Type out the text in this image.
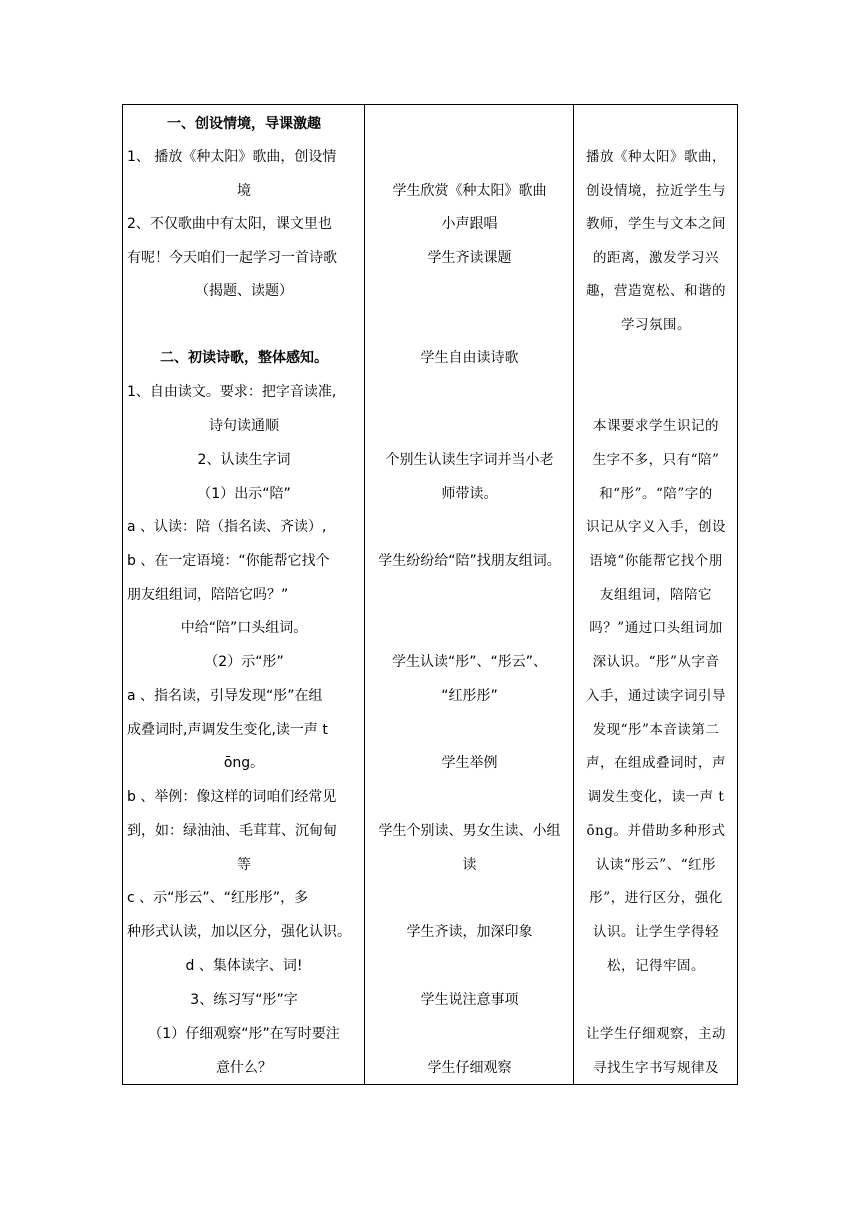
一、创设情境，导课激趣
1、 播放《种太阳》歌曲，创设情
境
2、不仅歌曲中有太阳，课文里也
有呢！今天咱们一起学习一首诗歌
（揭题、读题）
二、初读诗歌，整体感知。
1、自由读文。要求：把字音读准,
诗句读通顺
2、认读生字词
（1）出示“陪”
a 、认读：陪（指名读、齐读）,
b 、在一定语境：“你能帮它找个
朋友组组词，陪陪它吗？”
中给“陪”口头组词。
（2）示“彤”
a 、指名读，引导发现“彤”在组
成叠词时,声调发生变化,读一声 t
ōng。
b 、举例：像这样的词咱们经常见
到，如：绿油油、毛茸茸、沉甸甸
等
c 、示“彤云”、“红彤彤”，多
种形式认读，加以区分，强化认识。
d 、集体读字、词!
3、练习写“彤”字
（1）仔细观察“彤”在写时要注
意什么？
学生欣赏《种太阳》歌曲
小声跟唱
学生齐读课题
学生自由读诗歌
个别生认读生字词并当小老
师带读。
学生纷纷给“陪”找朋友组词。
学生认读“彤”、“彤云”、
“红彤彤”
学生举例
学生个别读、男女生读、小组
读
学生齐读，加深印象
学生说注意事项
学生仔细观察
播放《种太阳》歌曲，
创设情境，拉近学生与
教师，学生与文本之间
的距离，激发学习兴
趣，营造宽松、和谐的
学习氛围。
本课要求学生识记的
生字不多，只有“陪”
和“彤”。“陪”字的
识记从字义入手，创设
语境“你能帮它找个朋
友组组词，陪陪它
吗？”通过口头组词加
深认识。“彤”从字音
入手，通过读字词引导
发现“彤”本音读第二
声，在组成叠词时，声
调发生变化，读一声 t
ōng。并借助多种形式
认读“彤云”、“红彤
彤”，进行区分，强化
认识。让学生学得轻
松，记得牢固。
让学生仔细观察，主动
寻找生字书写规律及
